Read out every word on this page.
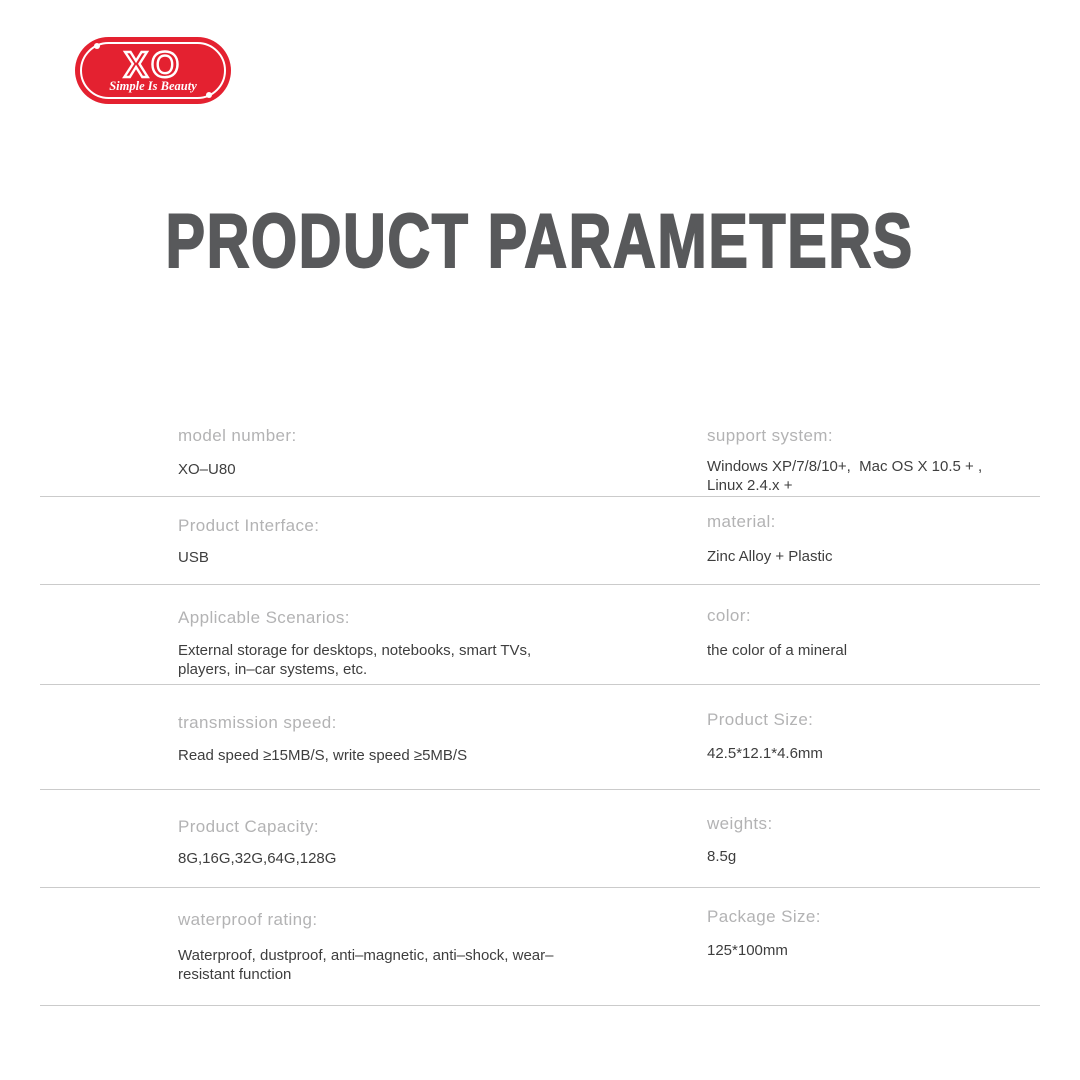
XO
Simple Is Beauty
PRODUCT PARAMETERS
model number:
XO–U80
support system:
Windows XP/7/8/10+,  Mac OS X 10.5 + , Linux 2.4.x +
Product Interface:
USB
material:
Zinc Alloy + Plastic
Applicable Scenarios:
External storage for desktops, notebooks, smart TVs, players, in–car systems, etc.
color:
the color of a mineral
transmission speed:
Read speed ≥15MB/S, write speed ≥5MB/S
Product Size:
42.5*12.1*4.6mm
Product Capacity:
8G,16G,32G,64G,128G
weights:
8.5g
waterproof rating:
Waterproof, dustproof, anti–magnetic, anti–shock, wear–resistant function
Package Size:
125*100mm
